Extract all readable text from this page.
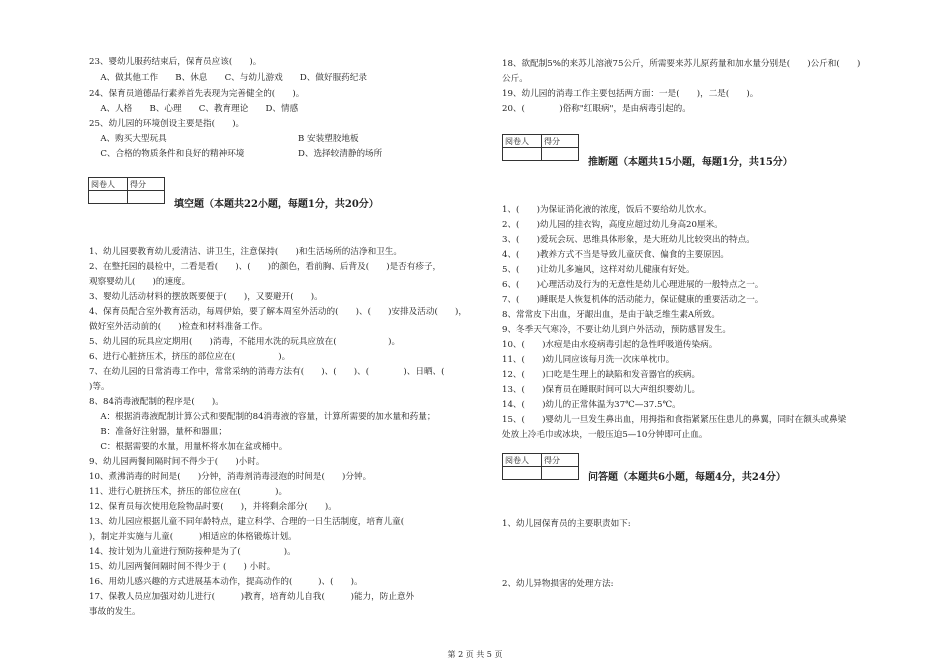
23、婴幼儿服药结束后，保育员应该(　　)。
　 A、做其他工作　　B、休息　　C、与幼儿游戏　　D、做好服药纪录
24、保育员道德品行素养首先表现为完善健全的(　　)。
　 A、人格　　B、心理　　C、教育理论　　D、情感
25、幼儿园的环境创设主要是指(　　)。
　 A、购买大型玩具	B 安装塑胶地板
　 C、合格的物质条件和良好的精神环境	D、选择较清静的场所
阅卷人	得分

填空题（本题共22小题，每题1分，共20分）
1、幼儿园要教育幼儿爱清洁、讲卫生，注意保持(　　)和生活场所的洁净和卫生。
2、在整托园的晨检中，二看是看(　　)、(　　)的颜色，看前胸、后背及(　　)是否有疹子，
观察婴幼儿(　　)的速度。
3、婴幼儿活动材料的摆放既要便于(　　)，又要避开(　　)。
4、保育员配合室外教育活动，每周伊始，要了解本周室外活动的(　　)、(　　)安排及活动(　　)，
做好室外活动前的(　　)检查和材料准备工作。
5、幼儿园的玩具应定期用(　　)消毒，不能用水洗的玩具应放在(　　　　　　)。
6、进行心脏挤压术，挤压的部位应在(　　　　　)。
7、在幼儿园的日常消毒工作中，常常采纳的消毒方法有(　　)、(　　)、(　　　　)、日晒、(　　
)等。
8、84消毒液配制的程序是(　　)。
　 A：根据消毒液配制计算公式和要配制的84消毒液的容量，计算所需要的加水量和药量；
　 B：准备好注射器，量杯和器皿；
　 C：根据需要的水量，用量杯将水加在盆或桶中。
9、幼儿园两餐间隔时间不得少于(　　)小时。
10、煮沸消毒的时间是(　　)分钟，消毒剂消毒浸泡的时间是(　　)分钟。
11、进行心脏挤压术，挤压的部位应在(　　　　)。
12、保育员每次使用危险物品时要(　　)，并将剩余部分(　　)。
13、幼儿园应根据儿童不同年龄特点，建立科学、合理的一日生活制度，培育儿童(　　　　
)，制定并实施与儿童(　　　)相适应的体格锻炼计划。
14、按计划为儿童进行预防接种是为了(　　　　　)。
15、幼儿园两餐间隔时间不得少于 (　　) 小时。
16、用幼儿感兴趣的方式进展基本动作，提高动作的(　　　)、(　　)。
17、保教人员应加强对幼儿进行(　　　)教育，培育幼儿自我(　　　)能力，防止意外
事故的发生。
18、欲配制5%的来苏儿溶液75公斤，所需要来苏儿原药量和加水量分别是(　　)公斤和(　　)
公斤。
19、幼儿园的消毒工作主要包括两方面：一是(　　)，二是(　　)。
20、(　　　　)俗称"红眼病"，是由病毒引起的。
阅卷人	得分

推断题（本题共15小题，每题1分，共15分）
1、(　　)为保证消化液的浓度，饭后不要给幼儿饮水。
2、(　　)幼儿园的挂衣钩，高度应超过幼儿身高20厘米。
3、(　　)爱玩会玩、思维具体形象，是大班幼儿比较突出的特点。
4、(　　)教养方式不当是导致儿童厌食、偏食的主要原因。
5、(　　)让幼儿多遍风，这样对幼儿健康有好处。
6、(　　)心理活动及行为的无意性是幼儿心理进展的一般特点之一。
7、(　　)睡眠是人恢复机体的活动能力，保证健康的重要活动之一。
8、常常皮下出血，牙龈出血，是由于缺乏维生素A所致。
9、冬季天气寒冷，不要让幼儿到户外活动，预防感冒发生。
10、(　　)水痘是由水疫病毒引起的急性呼吸道传染病。
11、(　　)幼儿同应该每月洗一次床单枕巾。
12、(　　)口吃是生理上的缺陷和发音器官的疾病。
13、(　　)保育员在睡眠时间可以大声组织婴幼儿。
14、(　　)幼儿的正常体温为37℃—37.5℃。
15、(　　)婴幼儿一旦发生鼻出血，用拇指和食指紧紧压住患儿的鼻翼，同时在额头或鼻梁
处放上冷毛巾或冰块，一般压迫5—10分钟即可止血。
阅卷人	得分

问答题（本题共6小题，每题4分，共24分）
1、幼儿园保育员的主要职责如下:
2、幼儿异物损害的处理方法:
第 2 页 共 5 页
